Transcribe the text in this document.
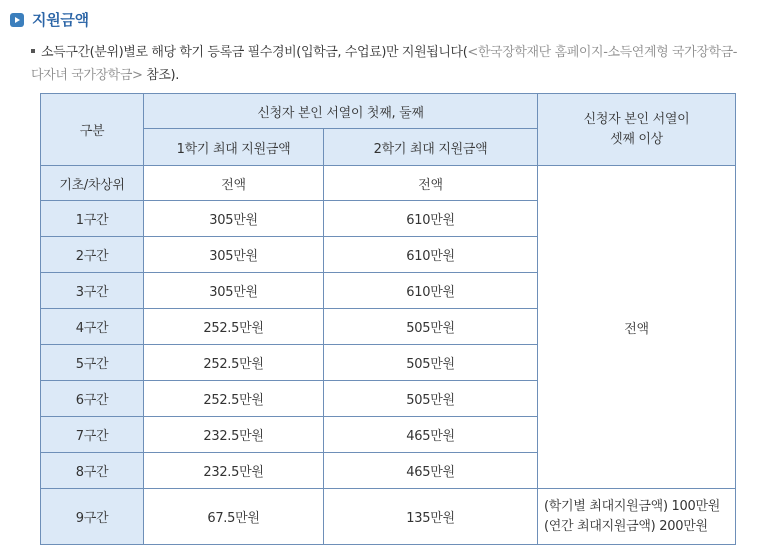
지원금액
소득구간(분위)별로 해당 학기 등록금 필수경비(입학금, 수업료)만 지원됩니다(<한국장학재단 홈페이지-소득연계형 국가장학금-다자녀 국가장학금> 참조).
구분	신청자 본인 서열이 첫째, 둘째		신청자 본인 서열이
셋째 이상

	1학기 최대 지원금액	2학기 최대 지원금액	
기초/차상위	전액	전액	전액
1구간	305만원	610만원	
2구간	305만원	610만원	
3구간	305만원	610만원	
4구간	252.5만원	505만원	
5구간	252.5만원	505만원	
6구간	252.5만원	505만원	
7구간	232.5만원	465만원	
8구간	232.5만원	465만원	
9구간	67.5만원	135만원	(학기별 최대지원금액) 100만원
(연간 최대지원금액) 200만원
